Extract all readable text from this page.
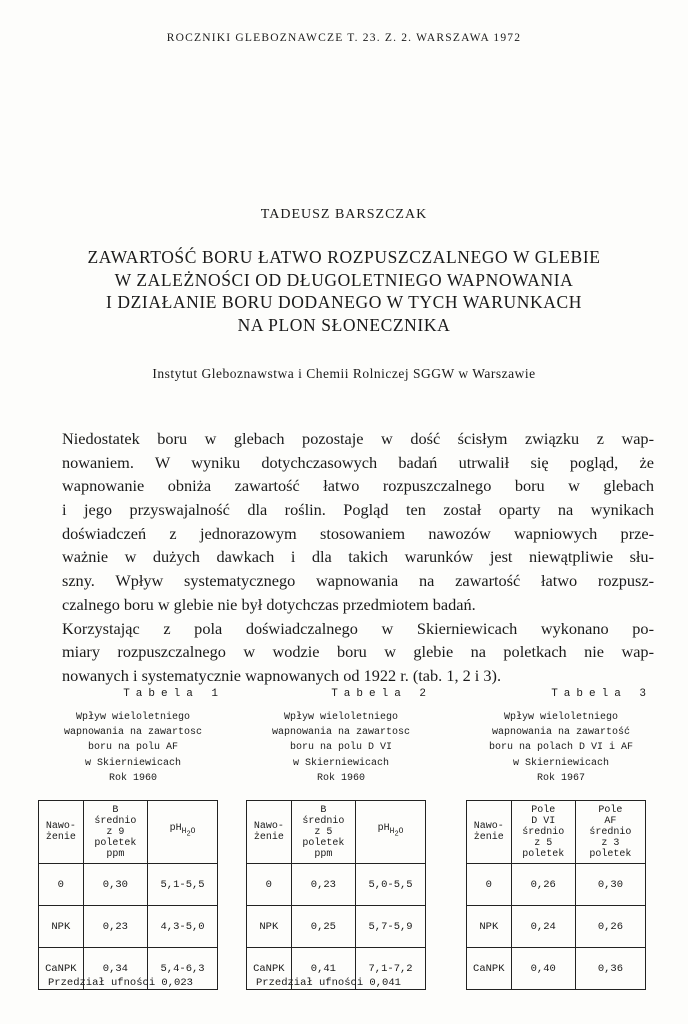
ROCZNIKI GLEBOZNAWCZE T. 23. Z. 2. WARSZAWA 1972
TADEUSZ BARSZCZAK
ZAWARTOŚĆ BORU ŁATWO ROZPUSZCZALNEGO W GLEBIE
W ZALEŻNOŚCI OD DŁUGOLETNIEGO WAPNOWANIA
I DZIAŁANIE BORU DODANEGO W TYCH WARUNKACH
NA PLON SŁONECZNIKA
Instytut Gleboznawstwa i Chemii Rolniczej SGGW w Warszawie
Niedostatek boru w glebach pozostaje w dość ścisłym związku z wap-
nowaniem. W wyniku dotychczasowych badań utrwalił się pogląd, że
wapnowanie obniża zawartość łatwo rozpuszczalnego boru w glebach
i jego przyswajalność dla roślin. Pogląd ten został oparty na wynikach
doświadczeń z jednorazowym stosowaniem nawozów wapniowych prze-
ważnie w dużych dawkach i dla takich warunków jest niewątpliwie słu-
szny. Wpływ systematycznego wapnowania na zawartość łatwo rozpusz-
czalnego boru w glebie nie był dotychczas przedmiotem badań.
Korzystając z pola doświadczalnego w Skierniewicach wykonano po-
miary rozpuszczalnego w wodzie boru w glebie na poletkach nie wap-
nowanych i systematycznie wapnowanych od 1922 r. (tab. 1, 2 i 3).
Tabela 1
Wpływ wieloletniego
wapnowania na zawartosc
boru na polu AF
w Skierniewicach
Rok 1960
Nawo-
żenie	B
średnio
z 9
poletek
ppm	$pH_{H_2O}$
0	0,30	5,1-5,5
NPK	0,23	4,3-5,0
CaNPK	0,34	5,4-6,3
Przedział ufności 0,023
Tabela 2
Wpływ wieloletniego
wapnowania na zawartosc
boru na polu D VI
w Skierniewicach
Rok 1960
Nawo-
żenie	B
średnio
z 5
poletek
ppm	$pH_{H_2O}$
0	0,23	5,0-5,5
NPK	0,25	5,7-5,9
CaNPK	0,41	7,1-7,2
Przedział ufności 0,041
Tabela 3
Wpływ wieloletniego
wapnowania na zawartość
boru na polach D VI i AF
w Skierniewicach
Rok 1967
Nawo-
żenie	Pole
D VI
średnio
z 5
poletek	Pole
AF
średnio
z 3
poletek
0	0,26	0,30
NPK	0,24	0,26
CaNPK	0,40	0,36
